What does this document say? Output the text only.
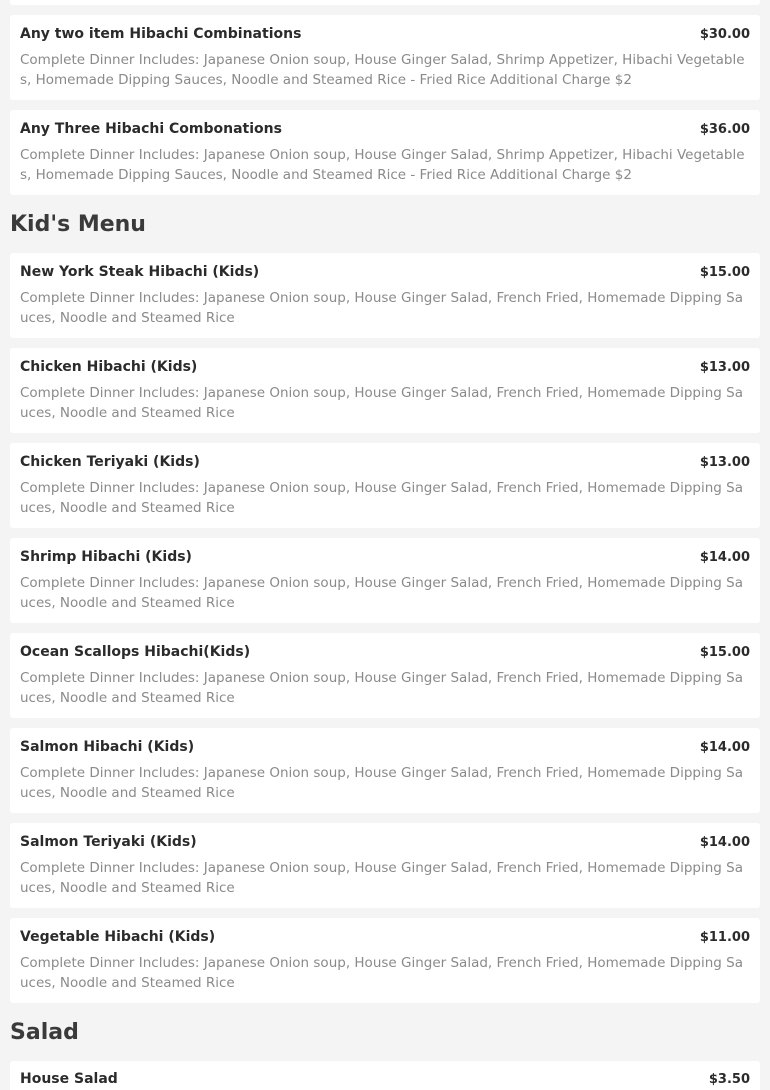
Any two item Hibachi Combinations	$30.00
Complete Dinner Includes: Japanese Onion soup, House Ginger Salad, Shrimp Appetizer, Hibachi Vegetables, Homemade Dipping Sauces, Noodle and Steamed Rice - Fried Rice Additional Charge $2
Any Three Hibachi Combonations	$36.00
Complete Dinner Includes: Japanese Onion soup, House Ginger Salad, Shrimp Appetizer, Hibachi Vegetables, Homemade Dipping Sauces, Noodle and Steamed Rice - Fried Rice Additional Charge $2
Kid's Menu
New York Steak Hibachi (Kids)	$15.00
Complete Dinner Includes: Japanese Onion soup, House Ginger Salad, French Fried, Homemade Dipping Sauces, Noodle and Steamed Rice
Chicken Hibachi (Kids)	$13.00
Complete Dinner Includes: Japanese Onion soup, House Ginger Salad, French Fried, Homemade Dipping Sauces, Noodle and Steamed Rice
Chicken Teriyaki (Kids)	$13.00
Complete Dinner Includes: Japanese Onion soup, House Ginger Salad, French Fried, Homemade Dipping Sauces, Noodle and Steamed Rice
Shrimp Hibachi (Kids)	$14.00
Complete Dinner Includes: Japanese Onion soup, House Ginger Salad, French Fried, Homemade Dipping Sauces, Noodle and Steamed Rice
Ocean Scallops Hibachi(Kids)	$15.00
Complete Dinner Includes: Japanese Onion soup, House Ginger Salad, French Fried, Homemade Dipping Sauces, Noodle and Steamed Rice
Salmon Hibachi (Kids)	$14.00
Complete Dinner Includes: Japanese Onion soup, House Ginger Salad, French Fried, Homemade Dipping Sauces, Noodle and Steamed Rice
Salmon Teriyaki (Kids)	$14.00
Complete Dinner Includes: Japanese Onion soup, House Ginger Salad, French Fried, Homemade Dipping Sauces, Noodle and Steamed Rice
Vegetable Hibachi (Kids)	$11.00
Complete Dinner Includes: Japanese Onion soup, House Ginger Salad, French Fried, Homemade Dipping Sauces, Noodle and Steamed Rice
Salad
House Salad	$3.50
